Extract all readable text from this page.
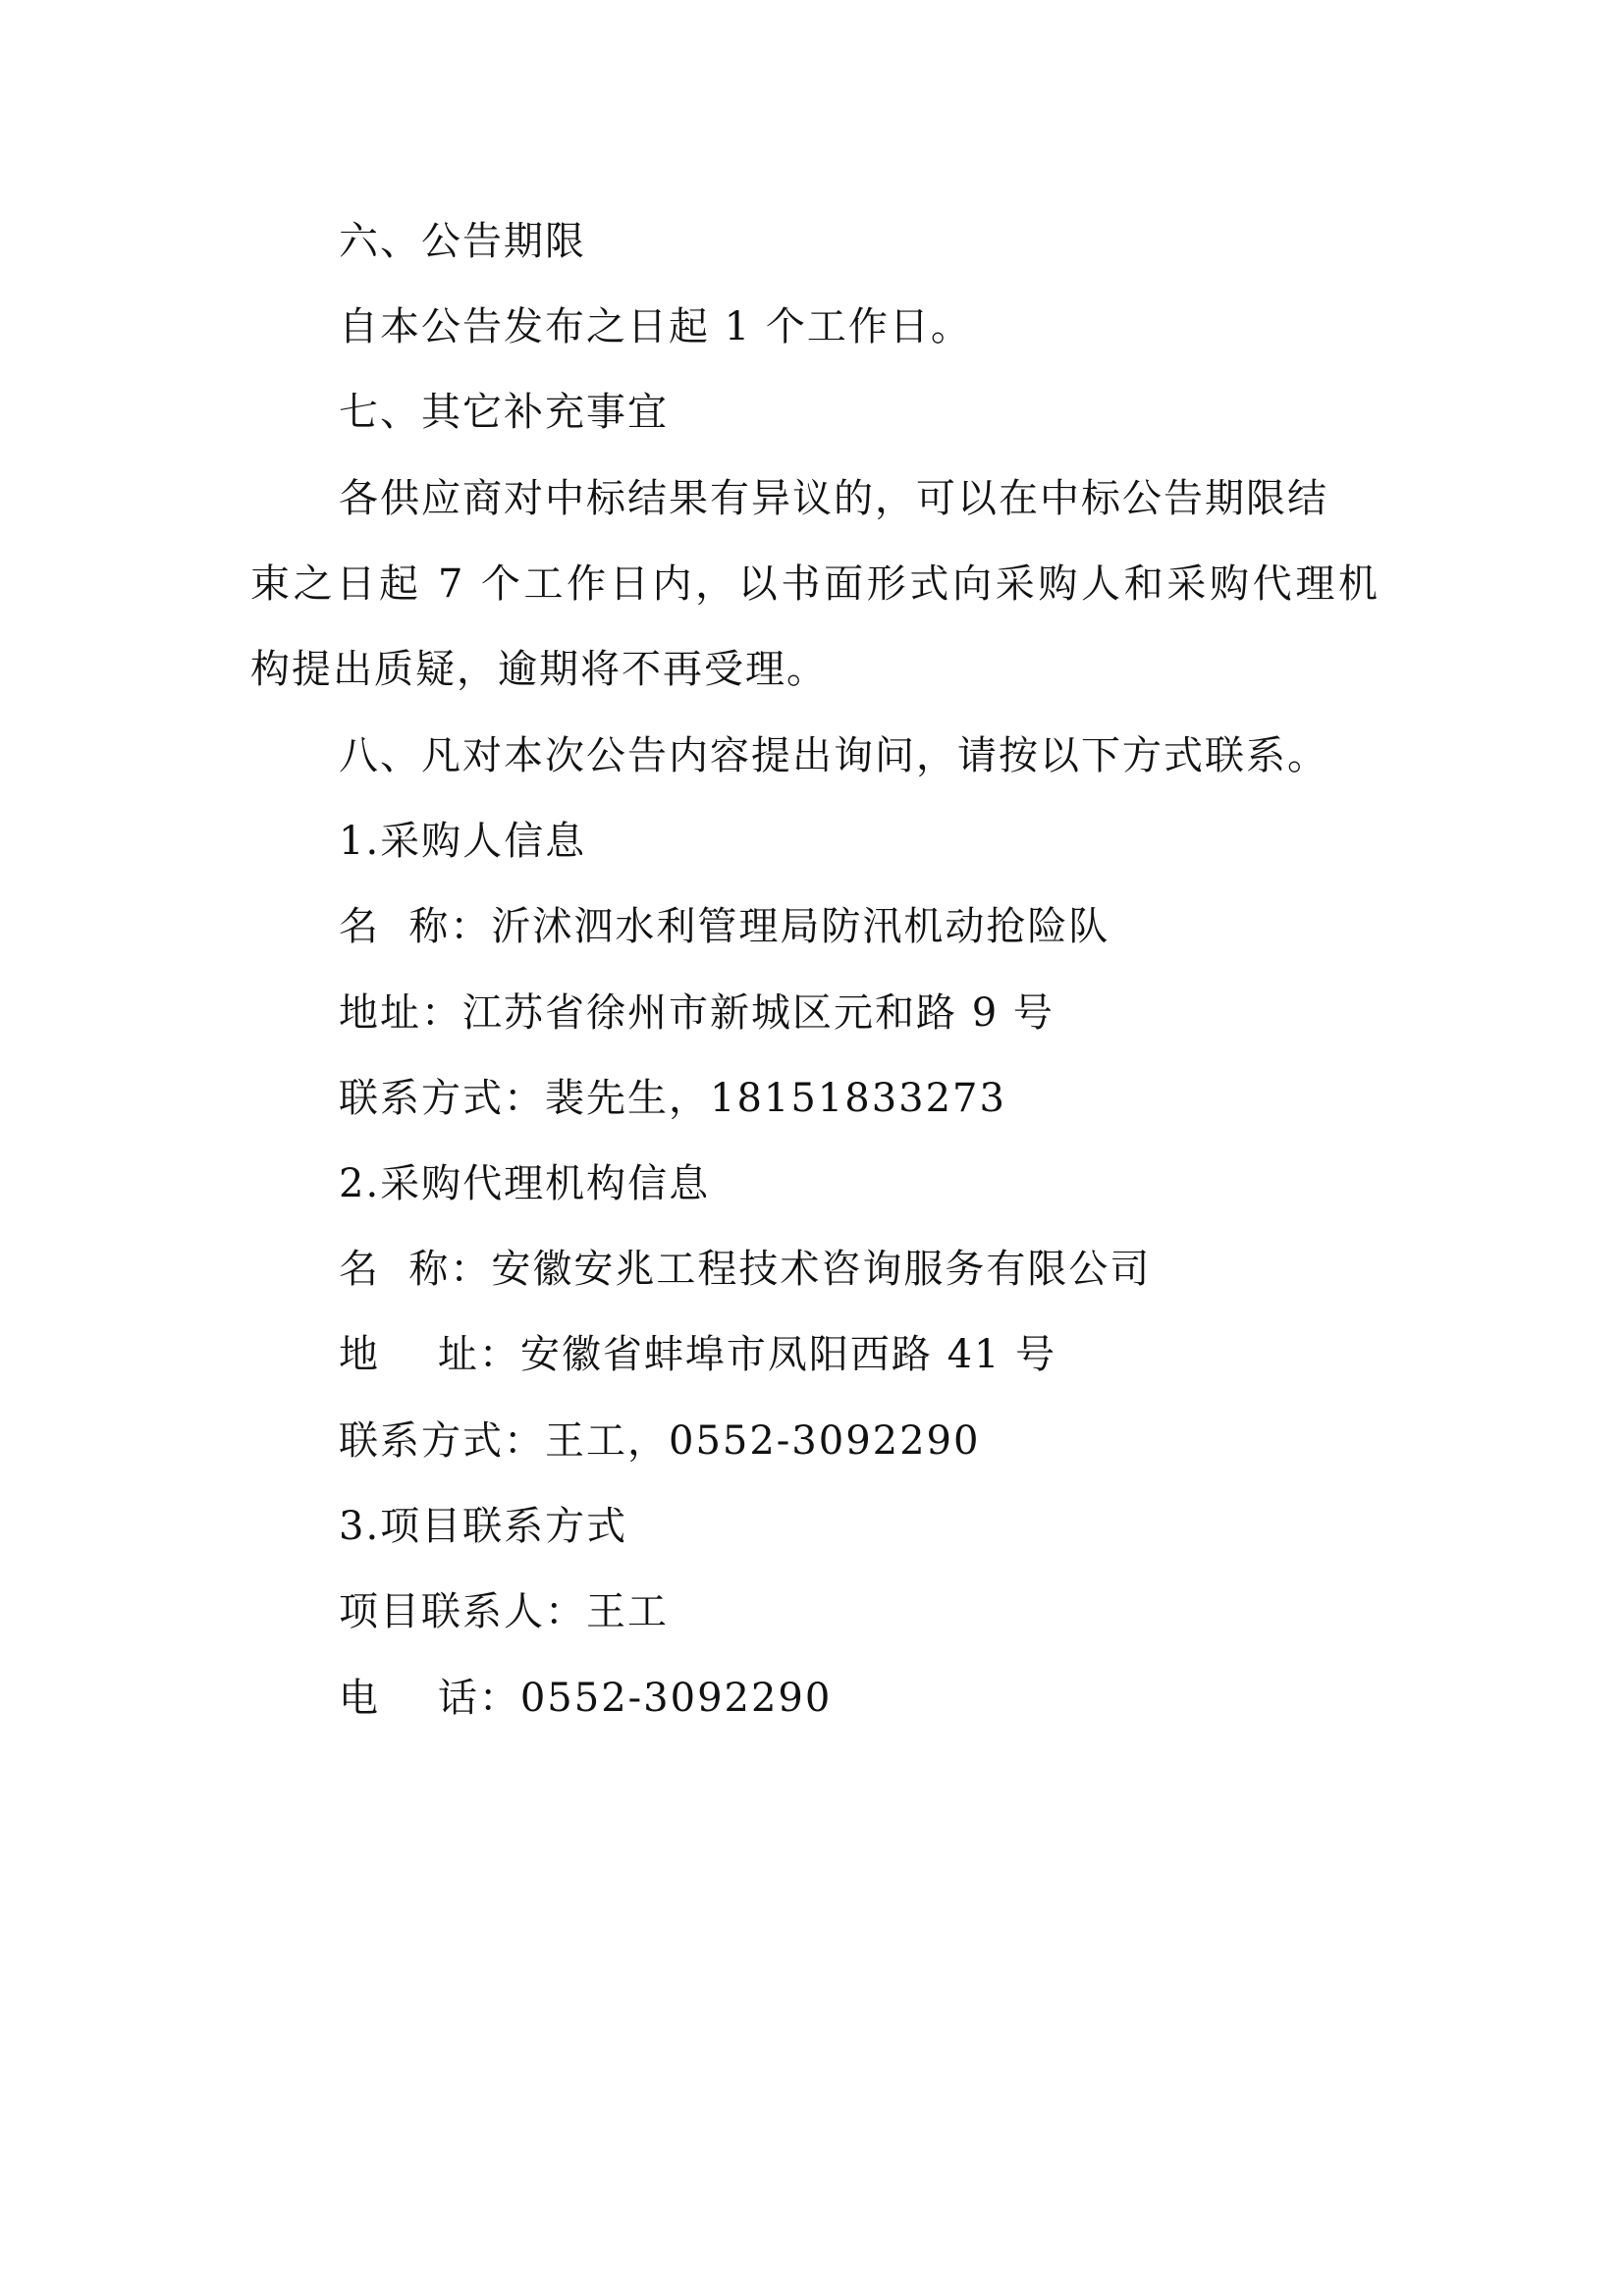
六、公告期限
自本公告发布之日起 1 个工作日。
七、其它补充事宜
各供应商对中标结果有异议的，可以在中标公告期限结
束之日起 7 个工作日内，以书面形式向采购人和采购代理机
构提出质疑，逾期将不再受理。
八、凡对本次公告内容提出询问，请按以下方式联系。
1.采购人信息
名  称：沂沭泗水利管理局防汛机动抢险队
地址：江苏省徐州市新城区元和路 9 号
联系方式：裴先生，18151833273
2.采购代理机构信息
名  称：安徽安兆工程技术咨询服务有限公司
地    址：安徽省蚌埠市凤阳西路 41 号
联系方式：王工，0552-3092290
3.项目联系方式
项目联系人：王工
电    话：0552-3092290
